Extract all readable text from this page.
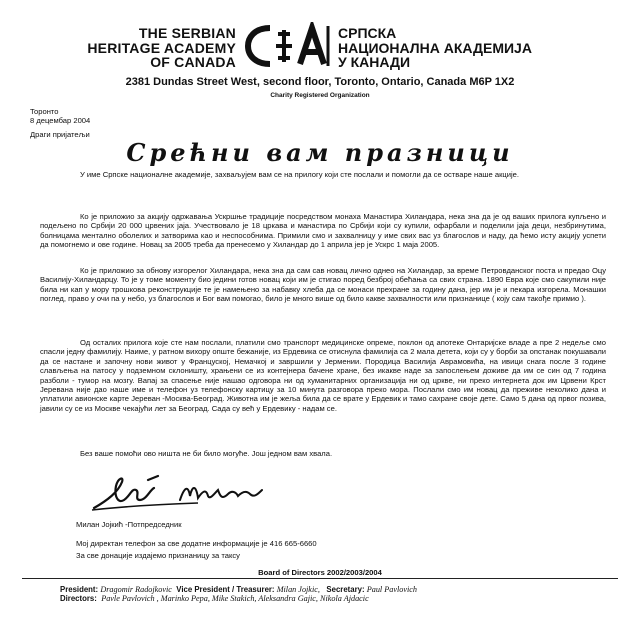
THE SERBIAN
HERITAGE ACADEMY
OF CANADA
СРПСКА
НАЦИОНАЛНА АКАДЕМИЈА
У КАНАДИ
2381 Dundas Street West, second floor, Toronto, Ontario, Canada M6P 1X2
Charity Registered Organization
Торонто
8 децембар 2004
Драги пријатељи
Срећни вам празници

У име Српске националне академије, захваљујем вам се на прилогу који сте послали и помогли да се остваре наше акције.

Ко је приложио за акцију одржавања Ускршње традиције посредством монаха Манастира Хиландара, нека зна да је од ваших прилога купљено и подељено по Србији 20 000 црвених јаја. Учествовало је 18 цркава и манастира по Србији који су купили, офарбали и поделили јаја деци, незбринутима, болницама ментално оболелих и затворима као и неспособнима. Примили смо и захвалницу у име свих вас уз благослов и наду, да ћемо исту акцију успети да помогнемо и ове године. Новац за 2005 треба да пренесемо у Хиландар до 1 априла јер је Ускрс 1 маја 2005.

Ко је приложио за обнову изгорелог Хиландара, нека зна да сам сав новац лично однео на Хиландар, за време Петровданског поста и предао Оцу Василију-Хиландарцу. То је у томе моменту био једини готов новац који им је стигао поред безброј обећања са свих страна. 1890 Евра које смо сакупили није била ни кап у мору трошкова реконструкције те је намењено за набавку хлеба да се монаси прехране за годину дана, јер им је и пекара изгорела. Монашки поглед, право у очи па у небо, уз благослов и Бог вам помогао, било је много више од било какве захвалности или признанице ( коју сам такође примио ).

Од осталих прилога које сте нам послали, платили смо транспорт медицинске опреме, поклон од апотеке Онтаријске владе а пре 2 недеље смо спасли једну фамилију. Наиме, у ратном вихору опште бежаније, из Ердевика се отиснула фамилија са 2 мала детета, који су у борби за опстанак покушавали да се настане и започну нови живот у Француској, Немачкој и завршили у Јермении. Породица Василија Аврамовића, на ивици снага после 3 године слављења на патосу у подземном склоништу, храњени се из контејнера бачене хране, без икакве наде за запослењем доживе да им се син од 7 година разболи - тумор на мозгу. Вапај за спасење није нашао одговора ни од хуманитарних организација ни од цркве, ни преко интернета док им Црвени Крст Јеревана није дао наше име и телефон уз телефонску картицу за 10 минута разговора преко мора. Послали смо им новац да преживе неколико дана и уплатили авионске карте Јереван -Москва-Београд. Животна им је жеља била да се врате у Ердевик и тамо сахране своје дете. Само 5 дана од првог позива, јавили су се из Москве чекајући лет за Београд. Сада су већ у Ердевику - надам се.

Без ваше помоћи ово ништа не би било могуће. Још једном вам хвала.

Милан Јојкић -Потпредседник
Мој директан телефон за све додатне информације је 416 665-6660
За све донације издајемо признаницу за таксу
Board of Directors 2002/2003/2004
President: Dragomir Radojkovic Vice President / Treasurer: Milan Jojkic, Secretary: Paul Pavlovich
Directors: Pavle Pavlovich , Marinko Pepa, Mike Stakich, Aleksandra Gajic, Nikola Ajdacic
